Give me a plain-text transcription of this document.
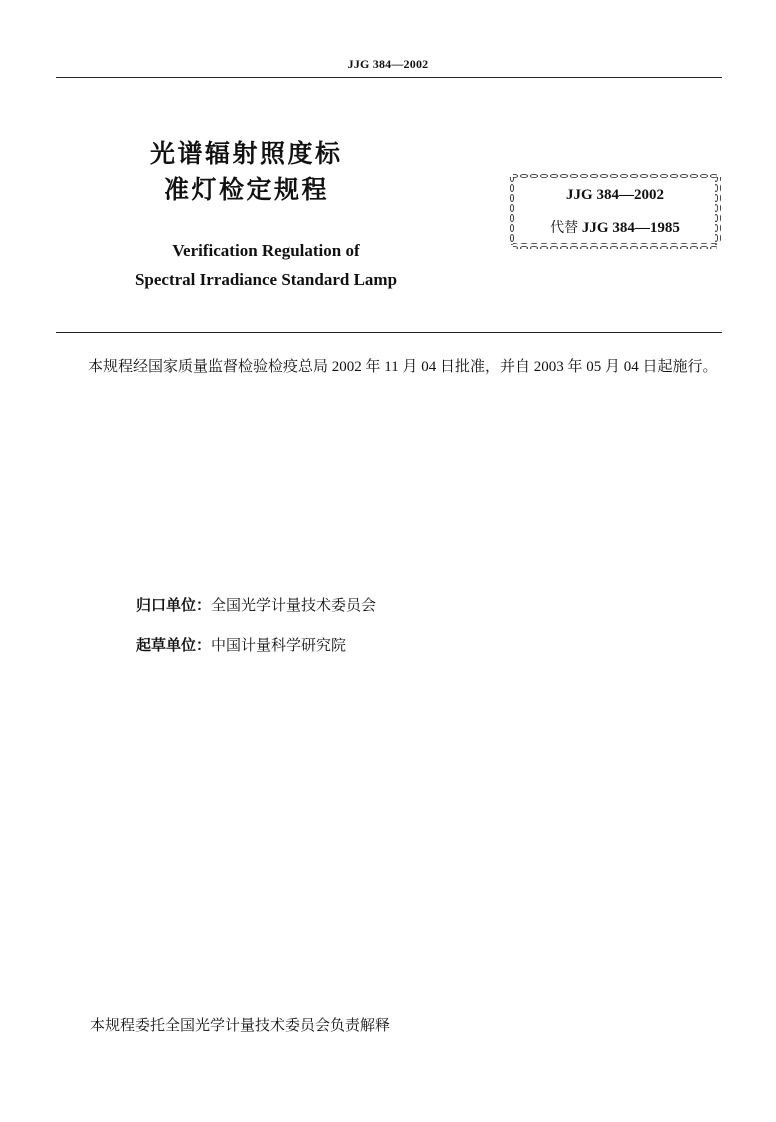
JJG 384—2002
光谱辐射照度标
准灯检定规程
Verification Regulation of
Spectral Irradiance Standard Lamp
JJG 384—2002
代替 JJG 384—1985
本规程经国家质量监督检验检疫总局 2002 年 11 月 04 日批准，并自 2003 年 05 月 04 日起施行。
归口单位：全国光学计量技术委员会
起草单位：中国计量科学研究院
本规程委托全国光学计量技术委员会负责解释
